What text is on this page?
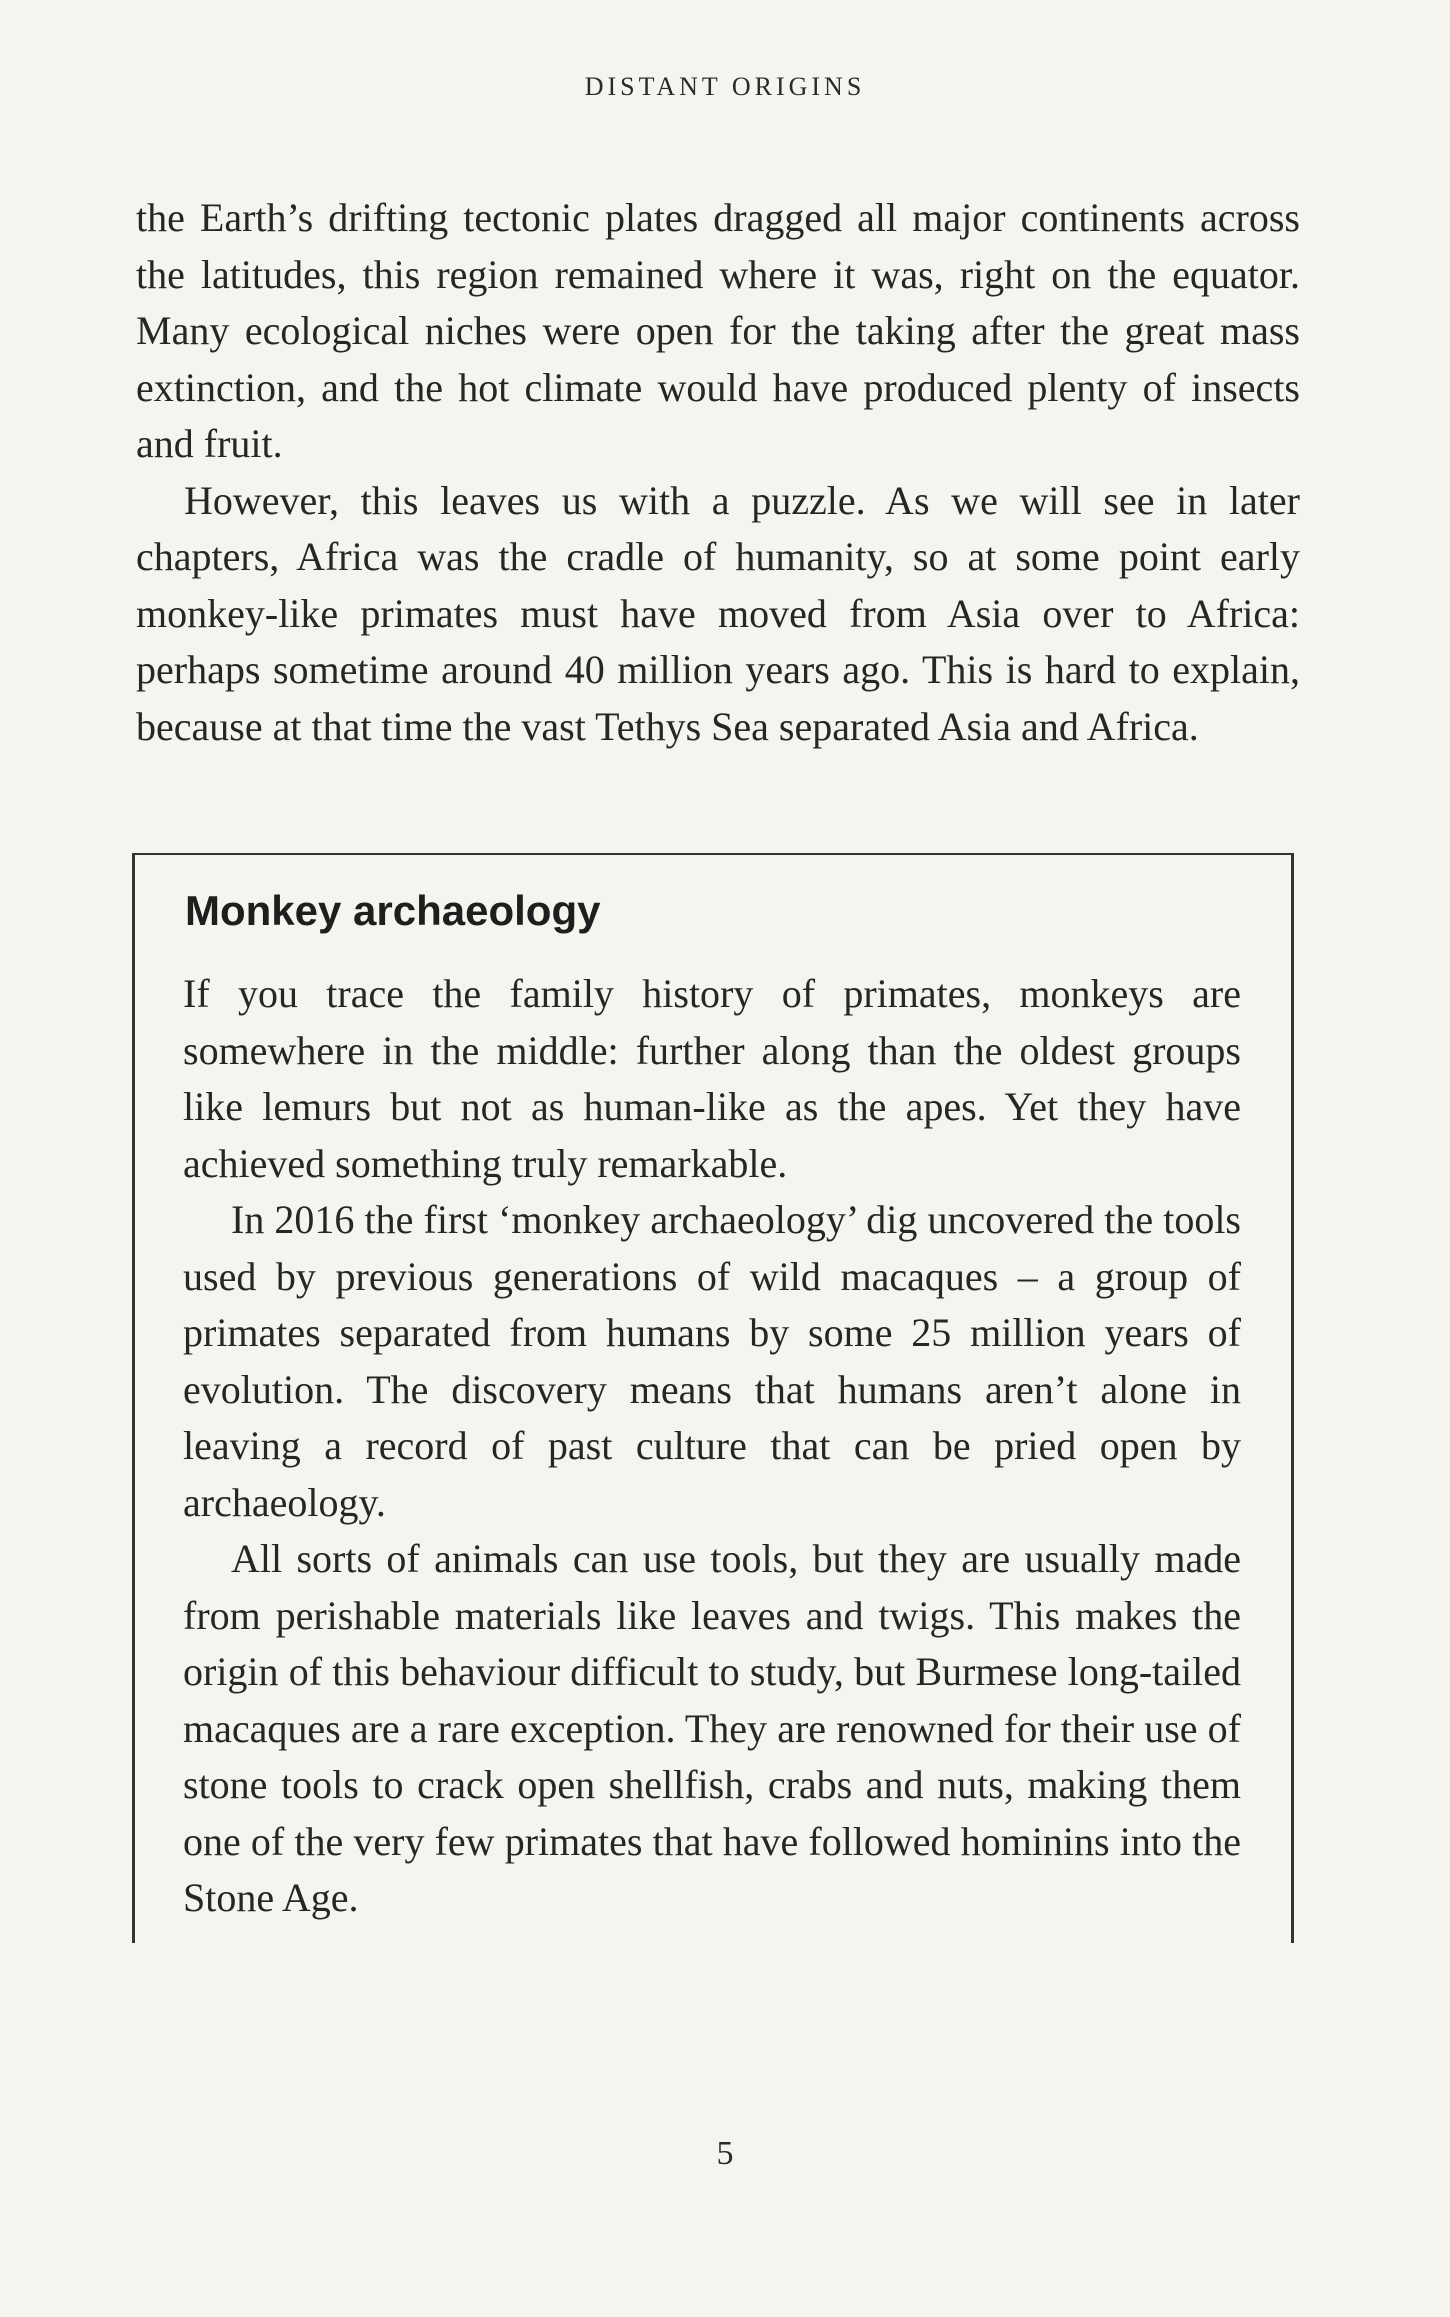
DISTANT ORIGINS

the Earth’s drifting tectonic plates dragged all major continents across the latitudes, this region remained where it was, right on the equator. Many ecological niches were open for the taking after the great mass extinction, and the hot climate would have produced plenty of insects and fruit.

However, this leaves us with a puzzle. As we will see in later chapters, Africa was the cradle of humanity, so at some point early monkey-like primates must have moved from Asia over to Africa: perhaps sometime around 40 million years ago. This is hard to explain, because at that time the vast Tethys Sea separated Asia and Africa.

Monkey archaeology

If you trace the family history of primates, monkeys are somewhere in the middle: further along than the oldest groups like lemurs but not as human-like as the apes. Yet they have achieved something truly remarkable.

In 2016 the first ‘monkey archaeology’ dig uncovered the tools used by previous generations of wild macaques – a group of primates separated from humans by some 25 million years of evolution. The discovery means that humans aren’t alone in leaving a record of past culture that can be pried open by archaeology.

All sorts of animals can use tools, but they are usually made from perishable materials like leaves and twigs. This makes the origin of this behaviour difficult to study, but Burmese long-tailed macaques are a rare exception. They are renowned for their use of stone tools to crack open shellfish, crabs and nuts, making them one of the very few primates that have followed hominins into the Stone Age.

5
